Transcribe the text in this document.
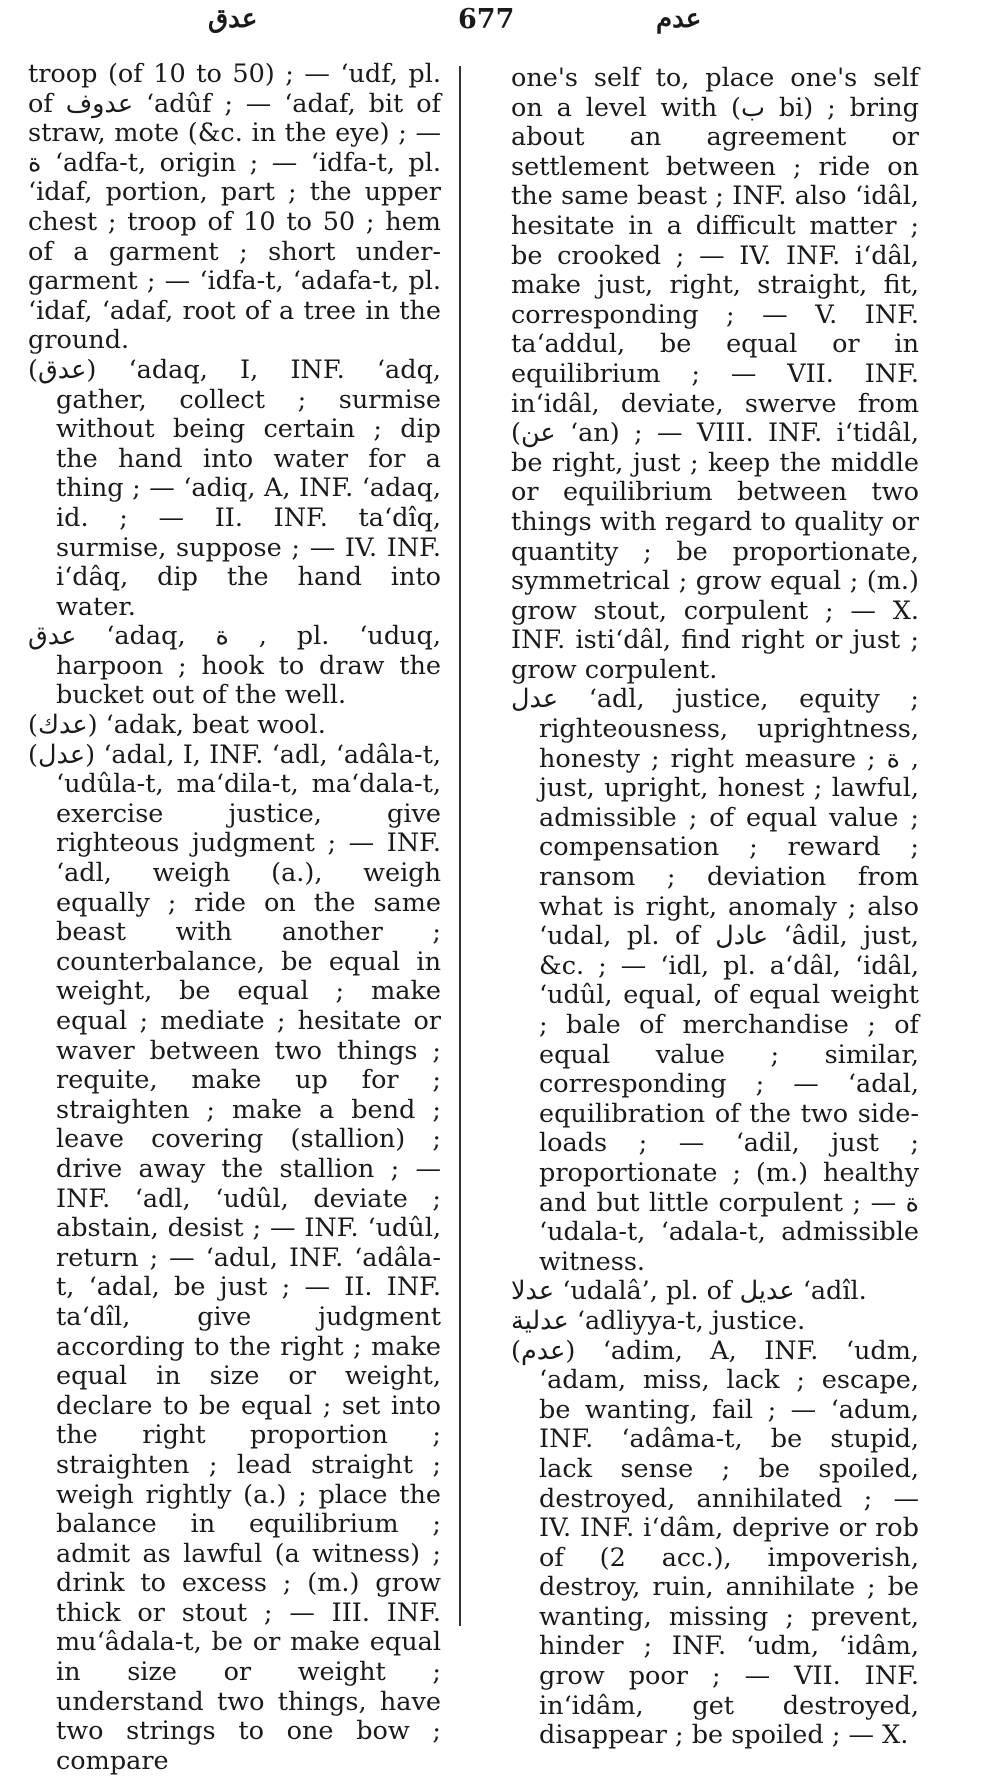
عدق	677	عدم

troop (of 10 to 50) ; — ‘udf, pl. of عدوف ‘adûf ; — ‘adaf, bit of straw, mote (&c. in the eye) ; — ة ‘adfa-t, origin ; — ‘idfa-t, pl. ‘idaf, portion, part ; the upper chest ; troop of 10 to 50 ; hem of a garment ; short under-garment ; — ‘idfa-t, ‘adafa-t, pl. ‘idaf, ‘adaf, root of a tree in the ground.

(عدق) ‘adaq, I, INF. ‘adq, gather, collect ; surmise without being certain ; dip the hand into water for a thing ; — ‘adiq, A, INF. ‘adaq, id. ; — II. INF. ta‘dîq, surmise, suppose ; — IV. INF. i‘dâq, dip the hand into water.

عدق ‘adaq, ة , pl. ‘uduq, harpoon ; hook to draw the bucket out of the well.

(عدك) ‘adak, beat wool.

(عدل) ‘adal, I, INF. ‘adl, ‘adâla-t, ‘udûla-t, ma‘dila-t, ma‘dala-t, exercise justice, give righteous judgment ; — INF. ‘adl, weigh (a.), weigh equally ; ride on the same beast with another ; counterbalance, be equal in weight, be equal ; make equal ; mediate ; hesitate or waver between two things ; requite, make up for ; straighten ; make a bend ; leave covering (stallion) ; drive away the stallion ; — INF. ‘adl, ‘udûl, deviate ; abstain, desist ; — INF. ‘udûl, return ; — ‘adul, INF. ‘adâla-t, ‘adal, be just ; — II. INF. ta‘dîl, give judgment according to the right ; make equal in size or weight, declare to be equal ; set into the right proportion ; straighten ; lead straight ; weigh rightly (a.) ; place the balance in equilibrium ; admit as lawful (a witness) ; drink to excess ; (m.) grow thick or stout ; — III. INF. mu‘âdala-t, be or make equal in size or weight ; understand two things, have two strings to one bow ; compare

one's self to, place one's self on a level with (ب bi) ; bring about an agreement or settlement between ; ride on the same beast ; INF. also ‘idâl, hesitate in a difficult matter ; be crooked ; — IV. INF. i‘dâl, make just, right, straight, fit, corresponding ; — V. INF. ta‘addul, be equal or in equilibrium ; — VII. INF. in‘idâl, deviate, swerve from (عن ‘an) ; — VIII. INF. i‘tidâl, be right, just ; keep the middle or equilibrium between two things with regard to quality or quantity ; be proportionate, symmetrical ; grow equal ; (m.) grow stout, corpulent ; — X. INF. isti‘dâl, find right or just ; grow corpulent.

عدل ‘adl, justice, equity ; righteousness, uprightness, honesty ; right measure ; ة , just, upright, honest ; lawful, admissible ; of equal value ; compensation ; reward ; ransom ; deviation from what is right, anomaly ; also ‘udal, pl. of عادل ‘âdil, just, &c. ; — ‘idl, pl. a‘dâl, ‘idâl, ‘udûl, equal, of equal weight ; bale of merchandise ; of equal value ; similar, corresponding ; — ‘adal, equilibration of the two side-loads ; — ‘adil, just ; proportionate ; (m.) healthy and but little corpulent ; — ة ‘udala-t, ‘adala-t, admissible witness.

عدلا ‘udalâ’, pl. of عديل ‘adîl.

عدلية ‘adliyya-t, justice.

(عدم) ‘adim, A, INF. ‘udm, ‘adam, miss, lack ; escape, be wanting, fail ; — ‘adum, INF. ‘adâma-t, be stupid, lack sense ; be spoiled, destroyed, annihilated ; — IV. INF. i‘dâm, deprive or rob of (2 acc.), impoverish, destroy, ruin, annihilate ; be wanting, missing ; prevent, hinder ; INF. ‘udm, ‘idâm, grow poor ; — VII. INF. in‘idâm, get destroyed, disappear ; be spoiled ; — X.
